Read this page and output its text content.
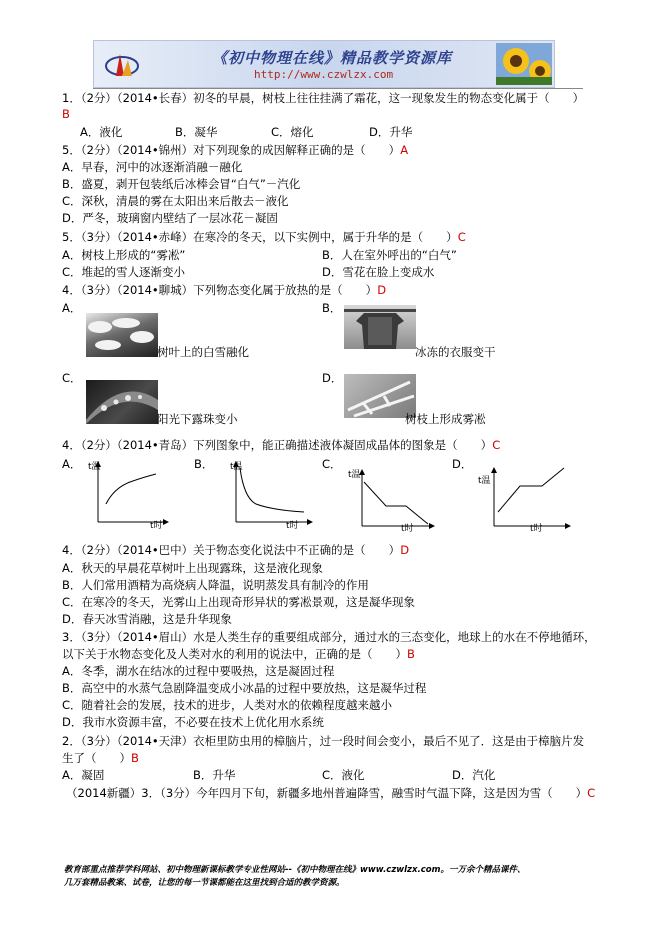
《初中物理在线》精品教学资源库
http://www.czwlzx.com
1．（2分）（2014•长春）初冬的早晨，树枝上往往挂满了霜花，这一现象发生的物态变化属于（　　）
B
A．液化	B．凝华	C．熔化	D．升华
5．（2分）（2014•锦州）对下列现象的成因解释正确的是（　　）A
A．早春，河中的冰逐渐消融－融化
B．盛夏，剥开包装纸后冰棒会冒“白气”－汽化
C．深秋，清晨的雾在太阳出来后散去－液化
D．严冬，玻璃窗内壁结了一层冰花－凝固
5．（3分）（2014•赤峰）在寒冷的冬天，以下实例中，属于升华的是（　　）C
A．树枝上形成的“雾凇”	B．人在室外呼出的“白气”
C．堆起的雪人逐渐变小	D．雪花在脸上变成水
4．（3分）（2014•聊城）下列物态变化属于放热的是（　　）D
A．
树叶上的白雪融化
B．
冰冻的衣服变干
C．
阳光下露珠变小
D．
树枝上形成雾凇
4．（2分）（2014•青岛）下列图象中，能正确描述液体凝固成晶体的图象是（　　）C
A． t温
t时
B． t温
t时
C．
t温
t时
D．
t温
t时
4．（2分）（2014•巴中）关于物态变化说法中不正确的是（　　）D
A．秋天的早晨花草树叶上出现露珠，这是液化现象
B．人们常用酒精为高烧病人降温，说明蒸发具有制冷的作用
C．在寒冷的冬天，光雾山上出现奇形异状的雾凇景观，这是凝华现象
D．春天冰雪消融，这是升华现象
3．（3分）（2014•眉山）水是人类生存的重要组成部分，通过水的三态变化，地球上的水在不停地循环，
以下关于水物态变化及人类对水的利用的说法中，正确的是（　　）B
A．冬季，湖水在结冰的过程中要吸热，这是凝固过程
B．高空中的水蒸气急剧降温变成小冰晶的过程中要放热，这是凝华过程
C．随着社会的发展，技术的进步，人类对水的依赖程度越来越小
D．我市水资源丰富，不必要在技术上优化用水系统
2．（3分）（2014•天津）衣柜里防虫用的樟脑片，过一段时间会变小，最后不见了．这是由于樟脑片发
生了（　　）B
A．凝固	B．升华	C．液化	D．汽化
（2014新疆）3．（3分）今年四月下旬，新疆多地州普遍降雪，融雪时气温下降，这是因为雪（　　）C
教育部重点推荐学科网站、初中物理新课标教学专业性网站--《初中物理在线》www.czwlzx.com。一万余个精品课件、
几万套精品教案、试卷，让您的每一节课都能在这里找到合适的教学资源。
